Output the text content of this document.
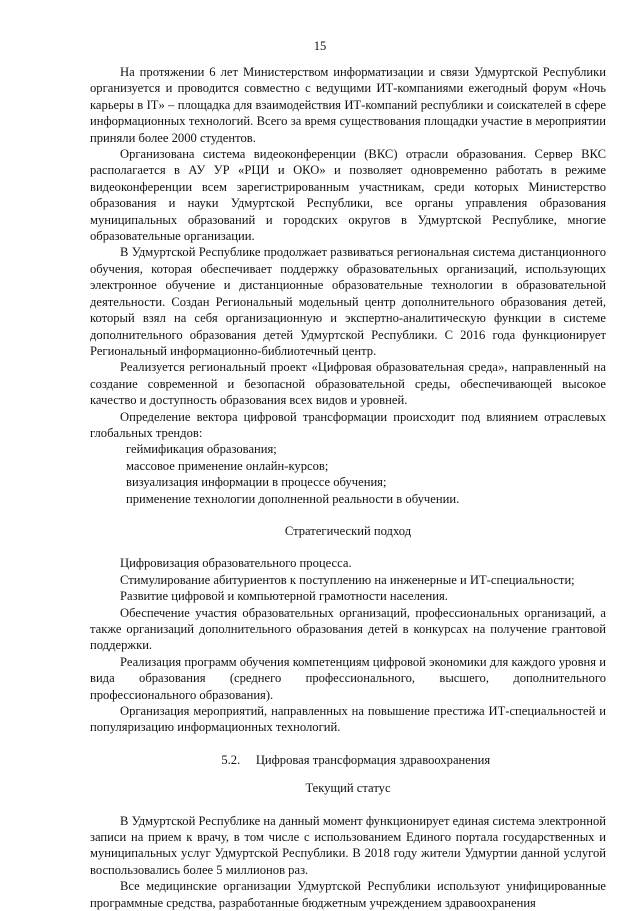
15

На протяжении 6 лет Министерством информатизации и связи Удмуртской Республики организуется и проводится совместно с ведущими ИТ-компаниями ежегодный форум «Ночь карьеры в IT» – площадка для взаимодействия ИТ-компаний республики и соискателей в сфере информационных технологий. Всего за время существования площадки участие в мероприятии приняли более 2000 студентов.

Организована система видеоконференции (ВКС) отрасли образования. Сервер ВКС располагается в АУ УР «РЦИ и ОКО» и позволяет одновременно работать в режиме видеоконференции всем зарегистрированным участникам, среди которых Министерство образования и науки Удмуртской Республики, все органы управления образования муниципальных образований и городских округов в Удмуртской Республике, многие образовательные организации.

В Удмуртской Республике продолжает развиваться региональная система дистанционного обучения, которая обеспечивает поддержку образовательных организаций, использующих электронное обучение и дистанционные образовательные технологии в образовательной деятельности. Создан Региональный модельный центр дополнительного образования детей, который взял на себя организационную и экспертно-аналитическую функции в системе дополнительного образования детей Удмуртской Республики. С 2016 года функционирует Региональный информационно-библиотечный центр.

Реализуется региональный проект «Цифровая образовательная среда», направленный на создание современной и безопасной образовательной среды, обеспечивающей высокое качество и доступность образования всех видов и уровней.

Определение вектора цифровой трансформации происходит под влиянием отраслевых глобальных трендов:

геймификация образования;
массовое применение онлайн-курсов;
визуализация информации в процессе обучения;
применение технологии дополненной реальности в обучении.
Стратегический подход
Цифровизация образовательного процесса.
Стимулирование абитуриентов к поступлению на инженерные и ИТ-специальности;
Развитие цифровой и компьютерной грамотности населения.

Обеспечение участия образовательных организаций, профессиональных организаций, а также организаций дополнительного образования детей в конкурсах на получение грантовой поддержки.

Реализация программ обучения компетенциям цифровой экономики для каждого уровня и вида образования (среднего профессионального, высшего, дополнительного профессионального образования).

Организация мероприятий, направленных на повышение престижа ИТ-специальностей и популяризацию информационных технологий.

5.2. Цифровая трансформация здравоохранения
Текущий статус

В Удмуртской Республике на данный момент функционирует единая система электронной записи на прием к врачу, в том числе с использованием Единого портала государственных и муниципальных услуг Удмуртской Республики. В 2018 году жители Удмуртии данной услугой воспользовались более 5 миллионов раз.

Все медицинские организации Удмуртской Республики используют унифицированные программные средства, разработанные бюджетным учреждением здравоохранения
